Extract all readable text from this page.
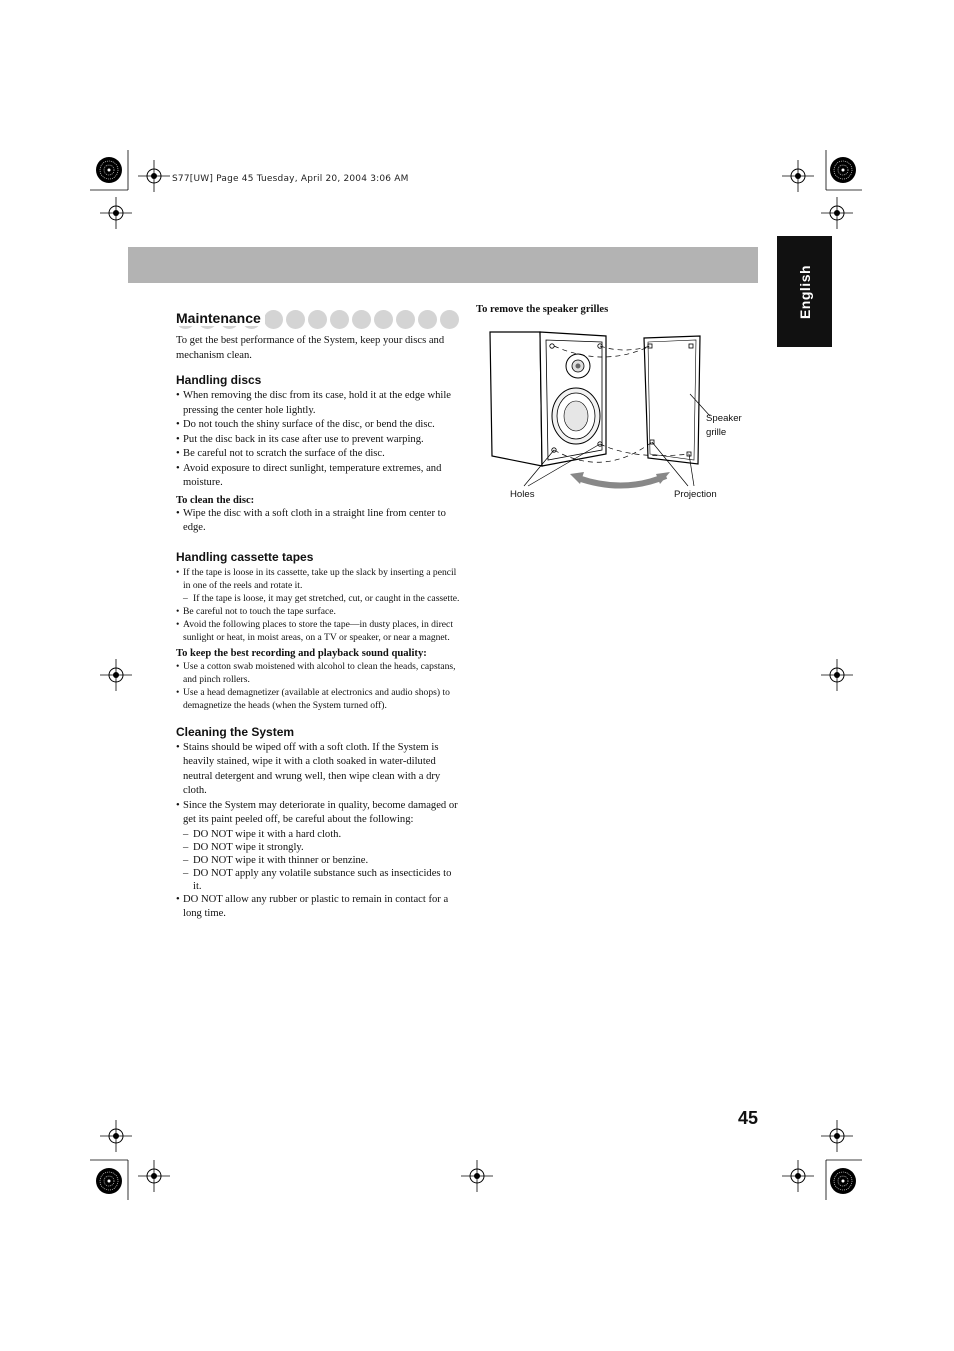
S77[UW] Page 45 Tuesday, April 20, 2004 3:06 AM
English
Maintenance

To get the best performance of the System, keep your discs and mechanism clean.

Handling discs
• When removing the disc from its case, hold it at the edge while pressing the center hole lightly.
• Do not touch the shiny surface of the disc, or bend the disc.
• Put the disc back in its case after use to prevent warping.
• Be careful not to scratch the surface of the disc.
• Avoid exposure to direct sunlight, temperature extremes, and moisture.
To clean the disc:
• Wipe the disc with a soft cloth in a straight line from center to edge.
Handling cassette tapes
• If the tape is loose in its cassette, take up the slack by inserting a pencil in one of the reels and rotate it.
– If the tape is loose, it may get stretched, cut, or caught in the cassette.
• Be careful not to touch the tape surface.
• Avoid the following places to store the tape—in dusty places, in direct sunlight or heat, in moist areas, on a TV or speaker, or near a magnet.
To keep the best recording and playback sound quality:
• Use a cotton swab moistened with alcohol to clean the heads, capstans, and pinch rollers.
• Use a head demagnetizer (available at electronics and audio shops) to demagnetize the heads (when the System turned off).
Cleaning the System
• Stains should be wiped off with a soft cloth. If the System is heavily stained, wipe it with a cloth soaked in water-diluted neutral detergent and wrung well, then wipe clean with a dry cloth.
• Since the System may deteriorate in quality, become damaged or get its paint peeled off, be careful about the following:
– DO NOT wipe it with a hard cloth.
– DO NOT wipe it strongly.
– DO NOT wipe it with thinner or benzine.
– DO NOT apply any volatile substance such as insecticides to it.
• DO NOT allow any rubber or plastic to remain in contact for a long time.
To remove the speaker grilles
Speaker
grille
Holes	Projection
45
